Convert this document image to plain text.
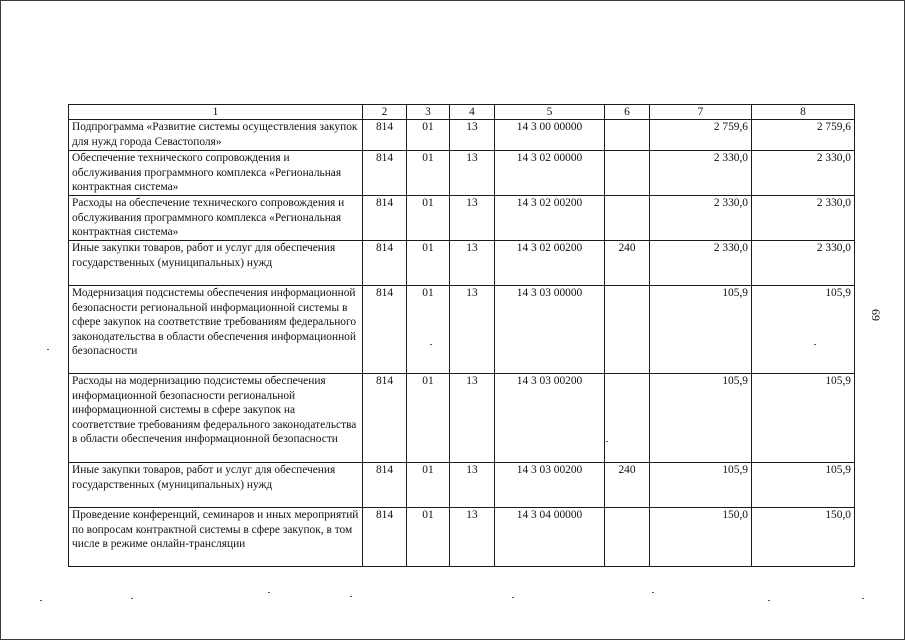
1	2	3	4	5	6	7	8
Подпрограмма «Развитие системы осуществления закупок для нужд города Севастополя»	814	01	13	14 3 00 00000		2 759,6	2 759,6
Обеспечение технического сопровождения и обслуживания программного комплекса «Региональная контрактная система»	814	01	13	14 3 02 00000		2 330,0	2 330,0
Расходы на обеспечение технического сопровождения и обслуживания программного комплекса «Региональная контрактная система»	814	01	13	14 3 02 00200		2 330,0	2 330,0
Иные закупки товаров, работ и услуг для обеспечения государственных (муниципальных) нужд	814	01	13	14 3 02 00200	240	2 330,0	2 330,0
Модернизация подсистемы обеспечения информационной безопасности региональной информационной системы в сфере закупок на соответствие требованиям федерального законодательства в области обеспечения информационной безопасности	814	01	13	14 3 03 00000		105,9	105,9
Расходы на модернизацию подсистемы обеспечения информационной безопасности региональной информационной системы в сфере закупок на соответствие требованиям федерального законодательства в области обеспечения информационной безопасности	814	01	13	14 3 03 00200		105,9	105,9
Иные закупки товаров, работ и услуг для обеспечения государственных (муниципальных) нужд	814	01	13	14 3 03 00200	240	105,9	105,9
Проведение конференций, семинаров и иных мероприятий по вопросам контрактной системы в сфере закупок, в том числе в режиме онлайн-трансляции	814	01	13	14 3 04 00000		150,0	150,0
69
